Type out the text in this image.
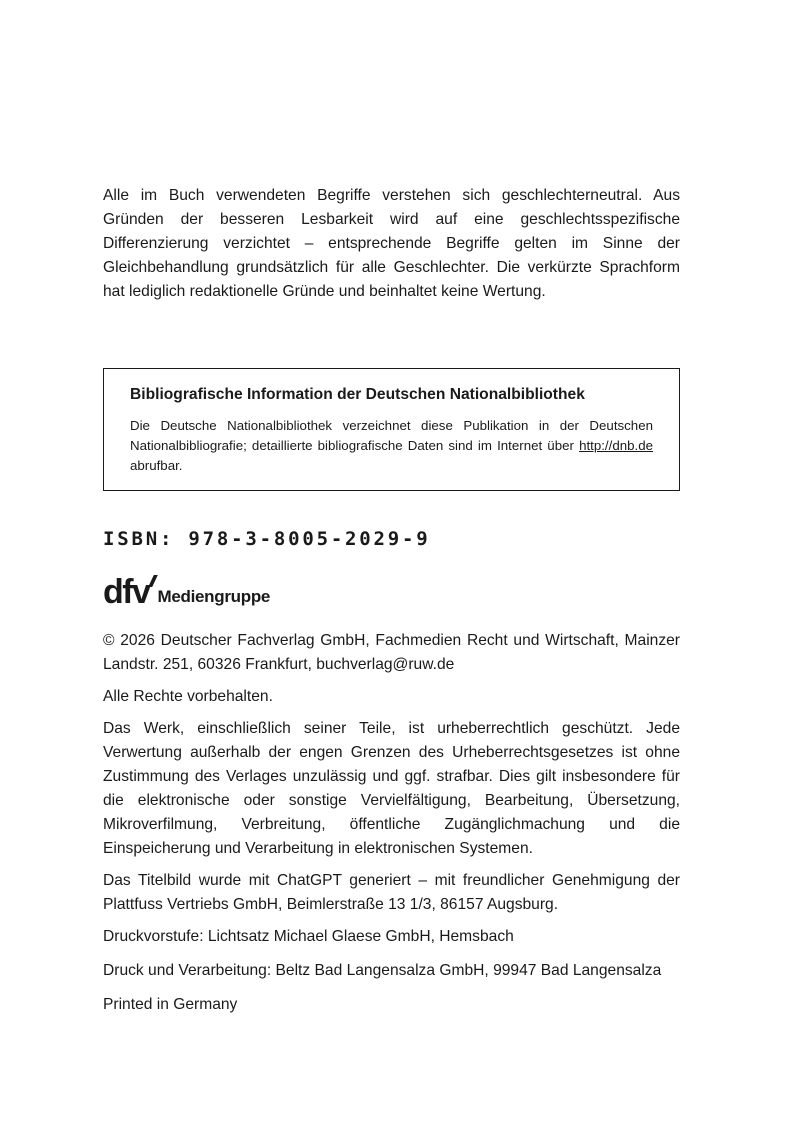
Alle im Buch verwendeten Begriffe verstehen sich geschlechterneutral. Aus Gründen der besseren Lesbarkeit wird auf eine geschlechtsspezifische Differenzierung verzichtet – entsprechende Begriffe gelten im Sinne der Gleichbehandlung grundsätzlich für alle Geschlechter. Die verkürzte Sprachform hat lediglich redaktionelle Gründe und beinhaltet keine Wertung.

Bibliografische Information der Deutschen Nationalbibliothek

Die Deutsche Nationalbibliothek verzeichnet diese Publikation in der Deutschen Nationalbibliografie; detaillierte bibliografische Daten sind im Internet über http://dnb.de abrufbar.

ISBN: 978-3-8005-2029-9
dfv Mediengruppe

© 2026 Deutscher Fachverlag GmbH, Fachmedien Recht und Wirtschaft, Mainzer Landstr. 251, 60326 Frankfurt, buchverlag@ruw.de

Alle Rechte vorbehalten.

Das Werk, einschließlich seiner Teile, ist urheberrechtlich geschützt. Jede Verwertung außerhalb der engen Grenzen des Urheberrechtsgesetzes ist ohne Zustimmung des Verlages unzulässig und ggf. strafbar. Dies gilt insbesondere für die elektronische oder sonstige Vervielfältigung, Bearbeitung, Übersetzung, Mikroverfilmung, Verbreitung, öffentliche Zugänglichmachung und die Einspeicherung und Verarbeitung in elektronischen Systemen.

Das Titelbild wurde mit ChatGPT generiert – mit freundlicher Genehmigung der Plattfuss Vertriebs GmbH, Beimlerstraße 13 1/3, 86157 Augsburg.

Druckvorstufe: Lichtsatz Michael Glaese GmbH, Hemsbach

Druck und Verarbeitung: Beltz Bad Langensalza GmbH, 99947 Bad Langensalza

Printed in Germany
